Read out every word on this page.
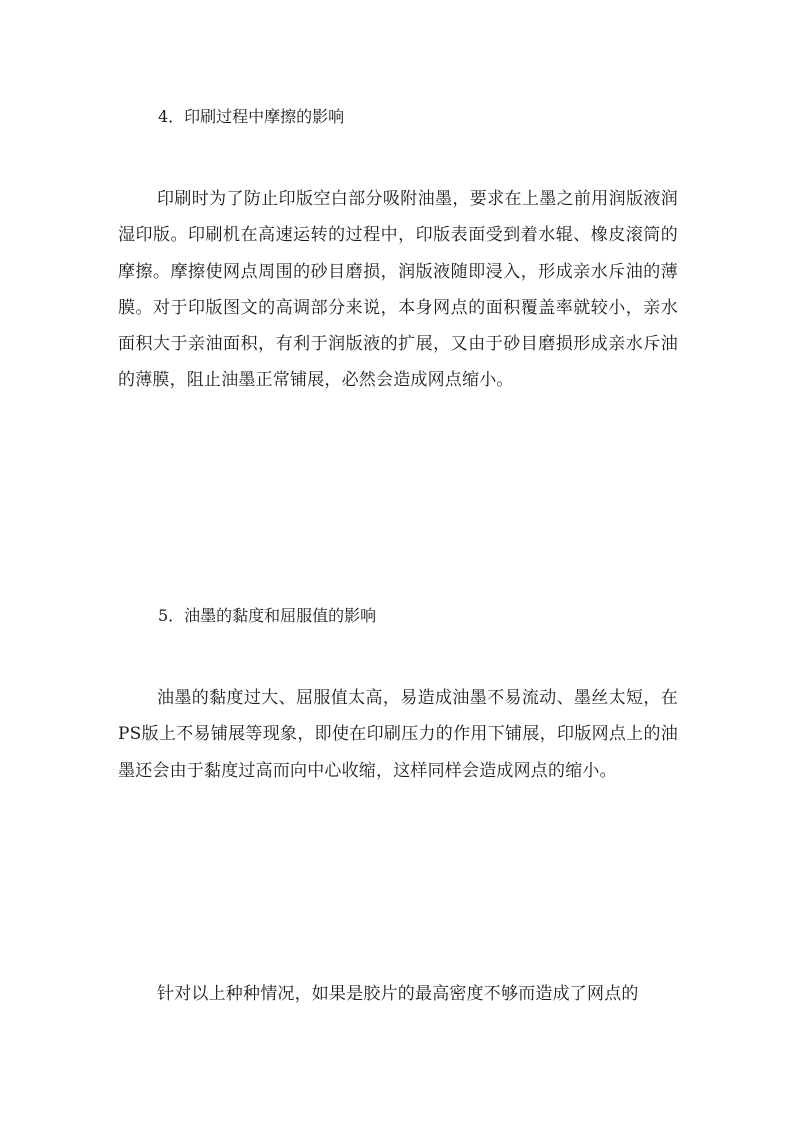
4．印刷过程中摩擦的影响
印刷时为了防止印版空白部分吸附油墨，要求在上墨之前用润版液润湿印版。印刷机在高速运转的过程中，印版表面受到着水辊、橡皮滚筒的摩擦。摩擦使网点周围的砂目磨损，润版液随即浸入，形成亲水斥油的薄膜。对于印版图文的高调部分来说，本身网点的面积覆盖率就较小，亲水面积大于亲油面积，有利于润版液的扩展，又由于砂目磨损形成亲水斥油的薄膜，阻止油墨正常铺展，必然会造成网点缩小。
5．油墨的黏度和屈服值的影响
油墨的黏度过大、屈服值太高，易造成油墨不易流动、墨丝太短，在PS版上不易铺展等现象，即使在印刷压力的作用下铺展，印版网点上的油墨还会由于黏度过高而向中心收缩，这样同样会造成网点的缩小。
针对以上种种情况，如果是胶片的最高密度不够而造成了网点的
